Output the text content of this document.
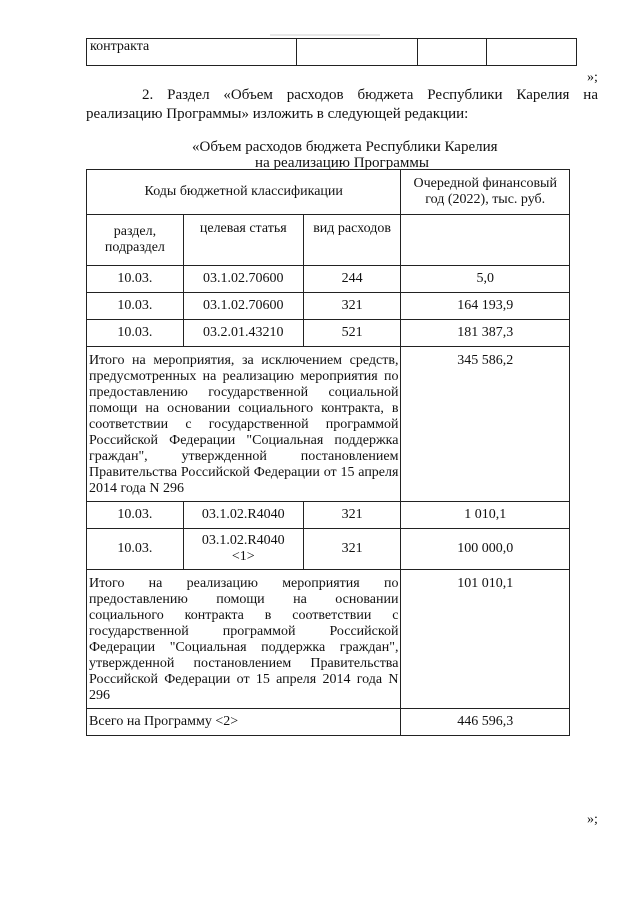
контракта			
»;
2. Раздел «Объем расходов бюджета Республики Карелия на реализацию Программы» изложить в следующей редакции:
«Объем расходов бюджета Республики Карелия
на реализацию Программы
Коды бюджетной классификации			Очередной финансовый год (2022), тыс. руб.
раздел, подраздел	целевая статья	вид расходов	
10.03.	03.1.02.70600	244	5,0
10.03.	03.1.02.70600	321	164 193,9
10.03.	03.2.01.43210	521	181 387,3
Итого на мероприятия, за исключением средств, предусмотренных на реализацию мероприятия по предоставлению государственной социальной помощи на основании социального контракта, в соответствии с государственной программой Российской Федерации "Социальная поддержка граждан", утвержденной постановлением Правительства Российской Федерации от 15 апреля 2014 года N 296			345 586,2
10.03.	03.1.02.R4040	321	1 010,1
10.03.	03.1.02.R4040 <1>	321	100 000,0
Итого на реализацию мероприятия по предоставлению помощи на основании социального контракта в соответствии с государственной программой Российской Федерации "Социальная поддержка граждан", утвержденной постановлением Правительства Российской Федерации от 15 апреля 2014 года N 296			101 010,1
Всего на Программу <2>			446 596,3
»;
